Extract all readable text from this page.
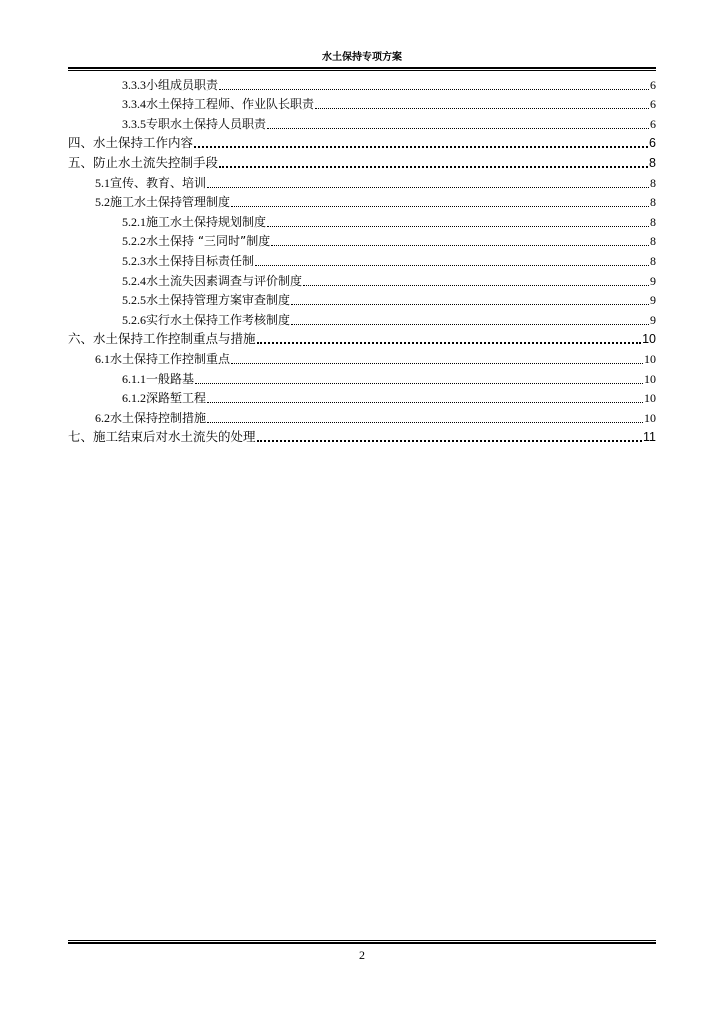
水土保持专项方案
3.3.3小组成员职责	6
3.3.4水土保持工程师、作业队长职责	6
3.3.5专职水土保持人员职责	6
四、水土保持工作内容	6
五、防止水土流失控制手段	8
5.1宣传、教育、培训	8
5.2施工水土保持管理制度	8
5.2.1施工水土保持规划制度	8
5.2.2水土保持 “三同时”制度	8
5.2.3水土保持目标责任制	8
5.2.4水土流失因素调查与评价制度	9
5.2.5水土保持管理方案审查制度	9
5.2.6实行水土保持工作考核制度	9
六、水土保持工作控制重点与措施	10
6.1水土保持工作控制重点	10
6.1.1一般路基	10
6.1.2深路堑工程	10
6.2水土保持控制措施	10
七、施工结束后对水土流失的处理	11
2
